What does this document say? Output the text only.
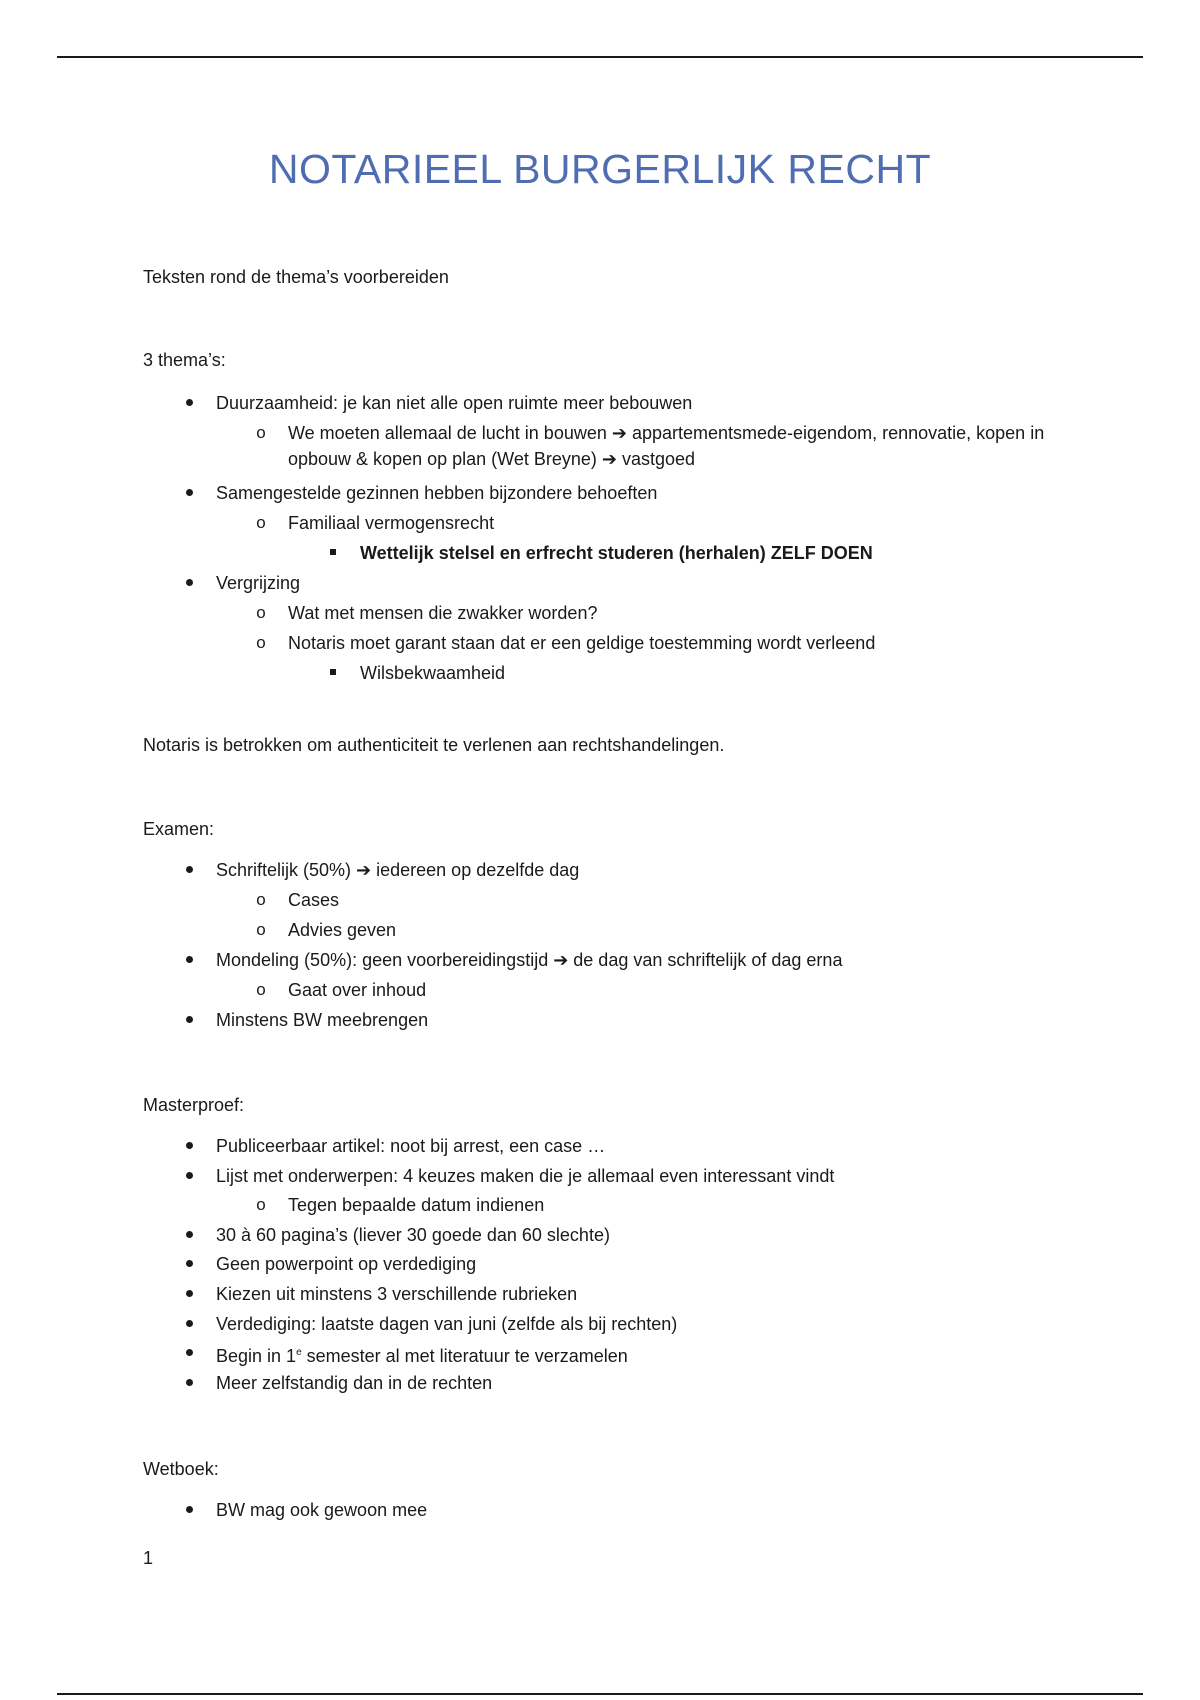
NOTARIEEL BURGERLIJK RECHT

Teksten rond de thema’s voorbereiden

3 thema’s:

Duurzaamheid: je kan niet alle open ruimte meer bebouwen
o	We moeten allemaal de lucht in bouwen ➔ appartementsmede-eigendom, rennovatie, kopen in opbouw & kopen op plan (Wet Breyne) ➔ vastgoed
Samengestelde gezinnen hebben bijzondere behoeften
o	Familiaal vermogensrecht
Wettelijk stelsel en erfrecht studeren (herhalen) ZELF DOEN
Vergrijzing
o	Wat met mensen die zwakker worden?
o	Notaris moet garant staan dat er een geldige toestemming wordt verleend
Wilsbekwaamheid

Notaris is betrokken om authenticiteit te verlenen aan rechtshandelingen.

Examen:

Schriftelijk (50%) ➔ iedereen op dezelfde dag
o	Cases
o	Advies geven
Mondeling (50%): geen voorbereidingstijd ➔ de dag van schriftelijk of dag erna
o	Gaat over inhoud
Minstens BW meebrengen

Masterproef:

Publiceerbaar artikel: noot bij arrest, een case …
Lijst met onderwerpen: 4 keuzes maken die je allemaal even interessant vindt
o	Tegen bepaalde datum indienen
30 à 60 pagina’s (liever 30 goede dan 60 slechte)
Geen powerpoint op verdediging
Kiezen uit minstens 3 verschillende rubrieken
Verdediging: laatste dagen van juni (zelfde als bij rechten)
Begin in 1e semester al met literatuur te verzamelen
Meer zelfstandig dan in de rechten

Wetboek:

BW mag ook gewoon mee
1
